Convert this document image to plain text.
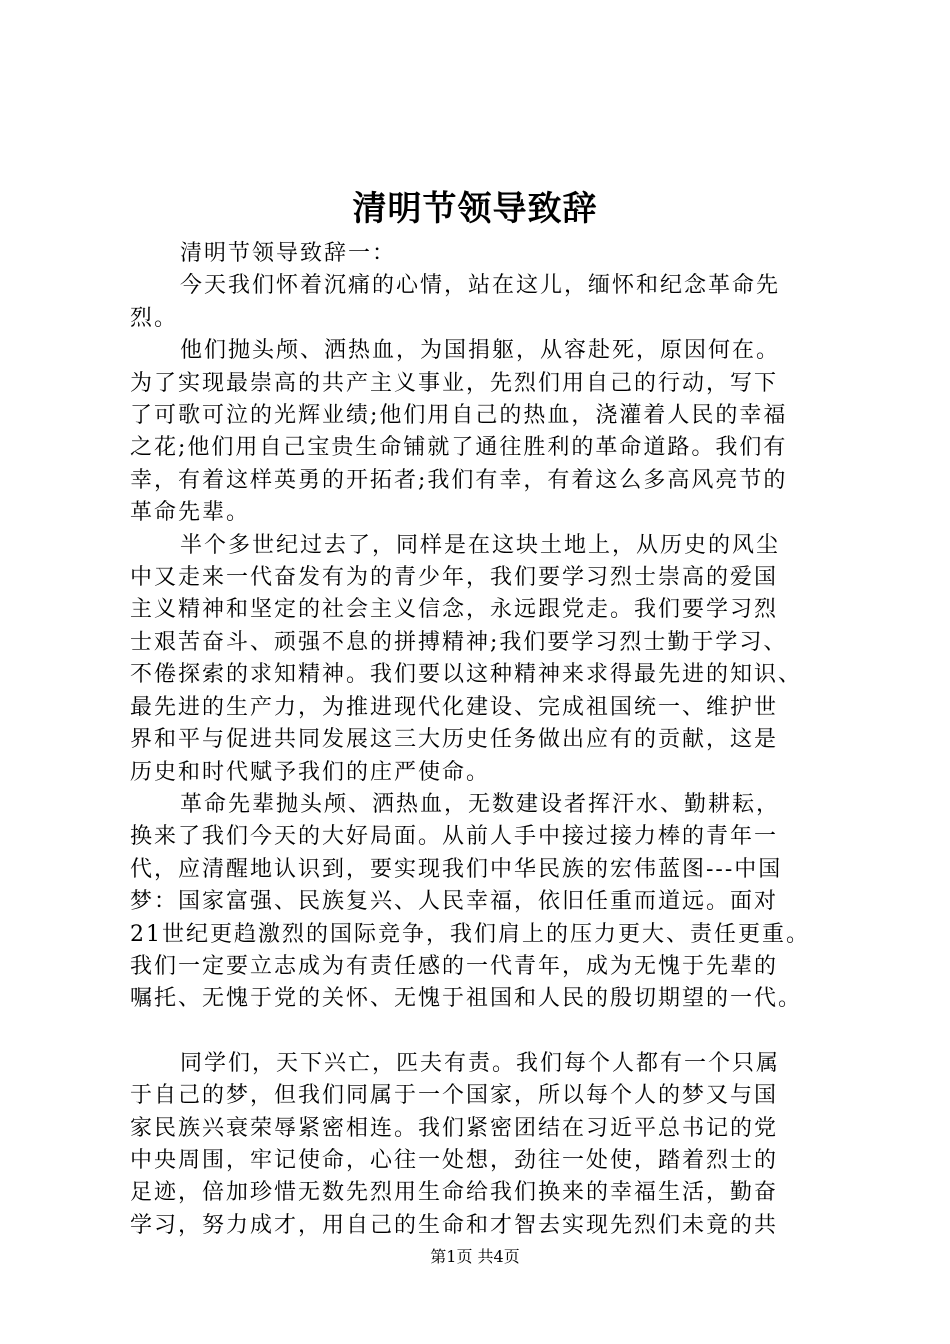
清明节领导致辞

清明节领导致辞一：

今天我们怀着沉痛的心情，站在这儿，缅怀和纪念革命先
烈。

他们抛头颅、洒热血，为国捐躯，从容赴死，原因何在。
为了实现最崇高的共产主义事业，先烈们用自己的行动，写下
了可歌可泣的光辉业绩;他们用自己的热血，浇灌着人民的幸福
之花;他们用自己宝贵生命铺就了通往胜利的革命道路。我们有
幸，有着这样英勇的开拓者;我们有幸，有着这么多高风亮节的
革命先辈。

半个多世纪过去了，同样是在这块土地上，从历史的风尘
中又走来一代奋发有为的青少年，我们要学习烈士崇高的爱国
主义精神和坚定的社会主义信念，永远跟党走。我们要学习烈
士艰苦奋斗、顽强不息的拼搏精神;我们要学习烈士勤于学习、
不倦探索的求知精神。我们要以这种精神来求得最先进的知识、
最先进的生产力，为推进现代化建设、完成祖国统一、维护世
界和平与促进共同发展这三大历史任务做出应有的贡献，这是
历史和时代赋予我们的庄严使命。

革命先辈抛头颅、洒热血，无数建设者挥汗水、勤耕耘，
换来了我们今天的大好局面。从前人手中接过接力棒的青年一
代，应清醒地认识到，要实现我们中华民族的宏伟蓝图---中国
梦：国家富强、民族复兴、人民幸福，依旧任重而道远。面对
21世纪更趋激烈的国际竞争，我们肩上的压力更大、责任更重。
我们一定要立志成为有责任感的一代青年，成为无愧于先辈的
嘱托、无愧于党的关怀、无愧于祖国和人民的殷切期望的一代。

同学们，天下兴亡，匹夫有责。我们每个人都有一个只属
于自己的梦，但我们同属于一个国家，所以每个人的梦又与国
家民族兴衰荣辱紧密相连。我们紧密团结在习近平总书记的党
中央周围，牢记使命，心往一处想，劲往一处使，踏着烈士的
足迹，倍加珍惜无数先烈用生命给我们换来的幸福生活，勤奋
学习，努力成才，用自己的生命和才智去实现先烈们未竟的共

第1页 共4页
